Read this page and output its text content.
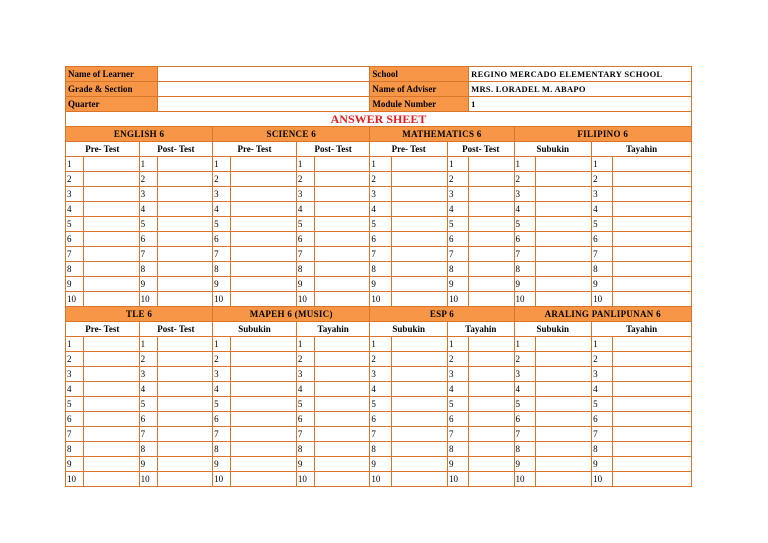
Name of Learner								School			REGINO MERCADO ELEMENTARY SCHOOL				
Grade & Section								Name of Adviser			MRS. LORADEL M. ABAPO				
Quarter								Module Number			1				
ANSWER SHEET															
ENGLISH 6				SCIENCE 6				MATHEMATICS 6				FILIPINO 6			
Pre- Test		Post- Test		Pre- Test		Post- Test		Pre- Test		Post- Test		Subukin		Tayahin	
1		1		1		1		1		1		1		1	
2		2		2		2		2		2		2		2	
3		3		3		3		3		3		3		3	
4		4		4		4		4		4		4		4	
5		5		5		5		5		5		5		5	
6		6		6		6		6		6		6		6	
7		7		7		7		7		7		7		7	
8		8		8		8		8		8		8		8	
9		9		9		9		9		9		9		9	
10		10		10		10		10		10		10		10	
TLE 6				MAPEH 6 (MUSIC)				ESP 6				ARALING PANLIPUNAN 6			
Pre- Test		Post- Test		Subukin		Tayahin		Subukin		Tayahin		Subukin		Tayahin	
1		1		1		1		1		1		1		1	
2		2		2		2		2		2		2		2	
3		3		3		3		3		3		3		3	
4		4		4		4		4		4		4		4	
5		5		5		5		5		5		5		5	
6		6		6		6		6		6		6		6	
7		7		7		7		7		7		7		7	
8		8		8		8		8		8		8		8	
9		9		9		9		9		9		9		9	
10		10		10		10		10		10		10		10	
